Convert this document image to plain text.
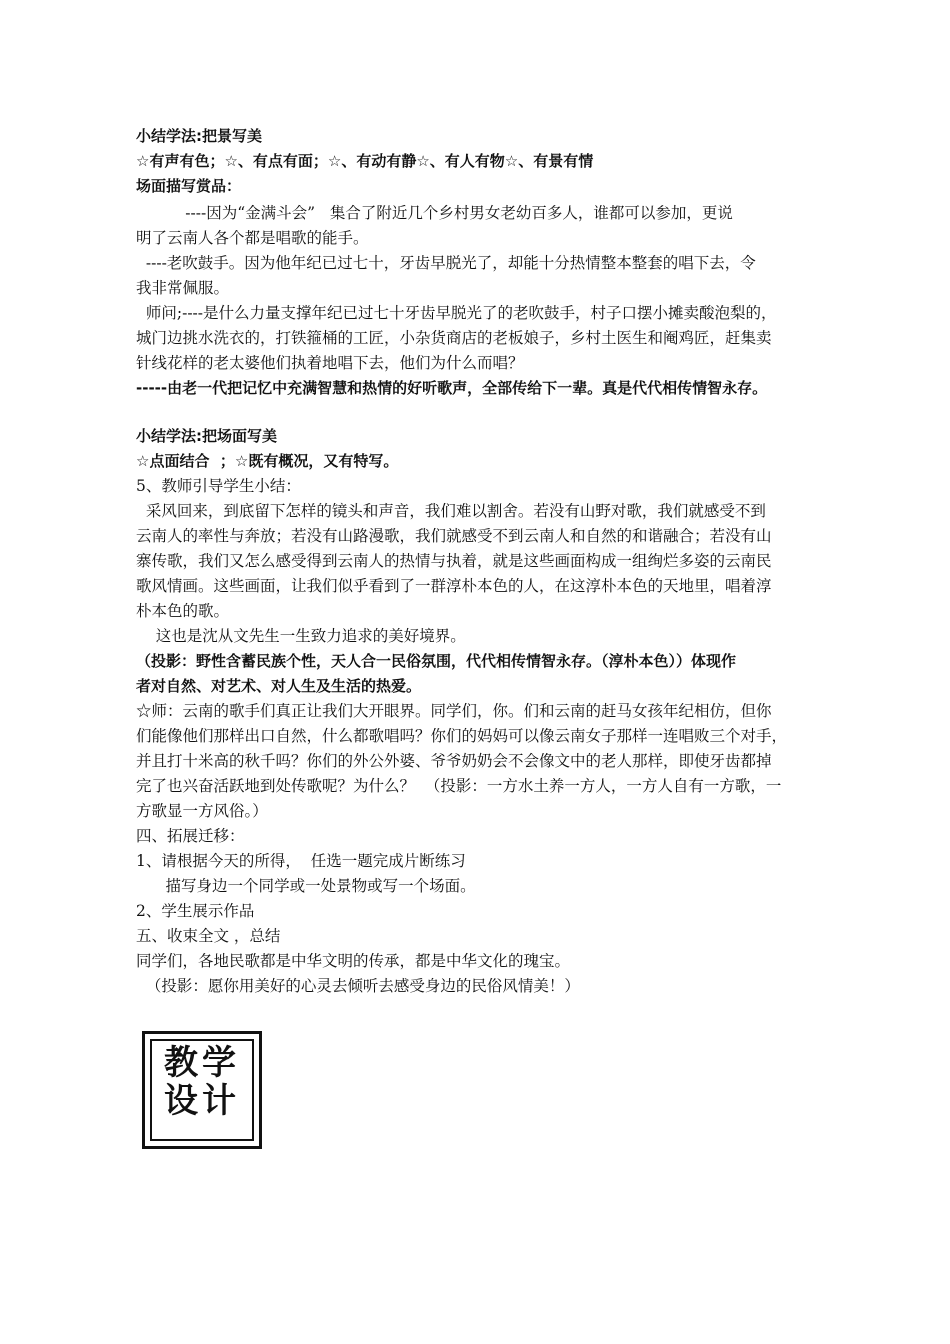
小结学法:把景写美
☆有声有色；☆、有点有面；☆、有动有静☆、有人有物☆、有景有情
场面描写赏品：
----因为“金满斗会”   集合了附近几个乡村男女老幼百多人，谁都可以参加，更说
明了云南人各个都是唱歌的能手。
----老吹鼓手。因为他年纪已过七十，牙齿早脱光了，却能十分热情整本整套的唱下去，令
我非常佩服。
师问;----是什么力量支撑年纪已过七十牙齿早脱光了的老吹鼓手，村子口摆小摊卖酸泡梨的，
城门边挑水洗衣的，打铁箍桶的工匠，小杂货商店的老板娘子，乡村土医生和阉鸡匠，赶集卖
针线花样的老太婆他们执着地唱下去，他们为什么而唱？
-----由老一代把记忆中充满智慧和热情的好听歌声，全部传给下一辈。真是代代相传情智永存。
小结学法:把场面写美
☆点面结合  ；☆既有概况，又有特写。
5、教师引导学生小结：
采风回来，到底留下怎样的镜头和声音，我们难以割舍。若没有山野对歌，我们就感受不到
云南人的率性与奔放；若没有山路漫歌，我们就感受不到云南人和自然的和谐融合；若没有山
寨传歌，我们又怎么感受得到云南人的热情与执着，就是这些画面构成一组绚烂多姿的云南民
歌风情画。这些画面，让我们似乎看到了一群淳朴本色的人，在这淳朴本色的天地里，唱着淳
朴本色的歌。
这也是沈从文先生一生致力追求的美好境界。
（投影：野性含蓄民族个性，天人合一民俗氛围，代代相传情智永存。（淳朴本色））体现作
者对自然、对艺术、对人生及生活的热爱。
☆师：云南的歌手们真正让我们大开眼界。同学们，你。们和云南的赶马女孩年纪相仿，但你
们能像他们那样出口自然，什么都歌唱吗？你们的妈妈可以像云南女子那样一连唱败三个对手，
并且打十米高的秋千吗？你们的外公外婆、爷爷奶奶会不会像文中的老人那样，即使牙齿都掉
完了也兴奋活跃地到处传歌呢？为什么？  （投影：一方水土养一方人，一方人自有一方歌，一
方歌显一方风俗。）
四、拓展迁移：
1、请根据今天的所得，  任选一题完成片断练习
描写身边一个同学或一处景物或写一个场面。
2、学生展示作品
五、收束全文 ，总结
同学们，各地民歌都是中华文明的传承，都是中华文化的瑰宝。
（投影：愿你用美好的心灵去倾听去感受身边的民俗风情美！）
教学
设计
